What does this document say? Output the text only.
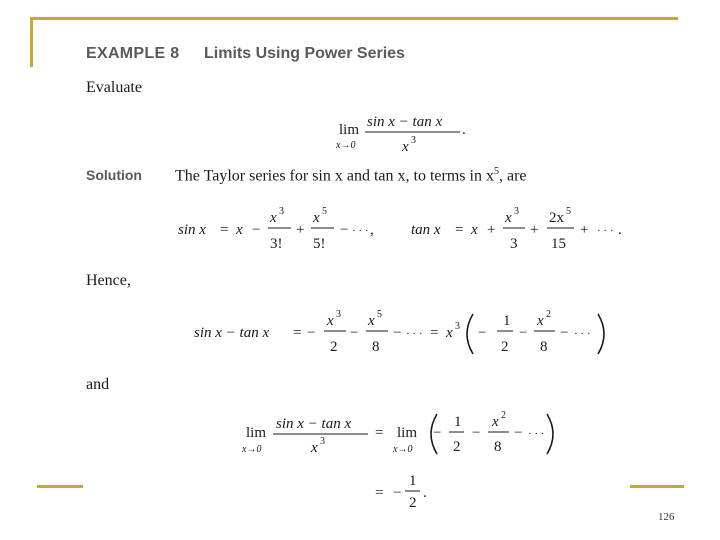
EXAMPLE 8 Limits Using Power Series
Evaluate
lim
x→0
sin x − tan x
x 3
.
sin x = x −
x 3
3!
+
x 5
5!
− · · · , tan x = x +
x 3
3
+
2x 5
15
+ · · · .
sin x − tan x = −
x 3
2
−
x 5
8
− · · · = x 3 −
1
2
−
x 2
8
− · · ·
lim
x→0
sin x − tan x
x 3
= lim
x→0
−
1
2
−
x 2
8
− · · ·
= −
1
2
.
Solution The Taylor series for sin x and tan x, to terms in $x^5$, are
Hence,
and
126
